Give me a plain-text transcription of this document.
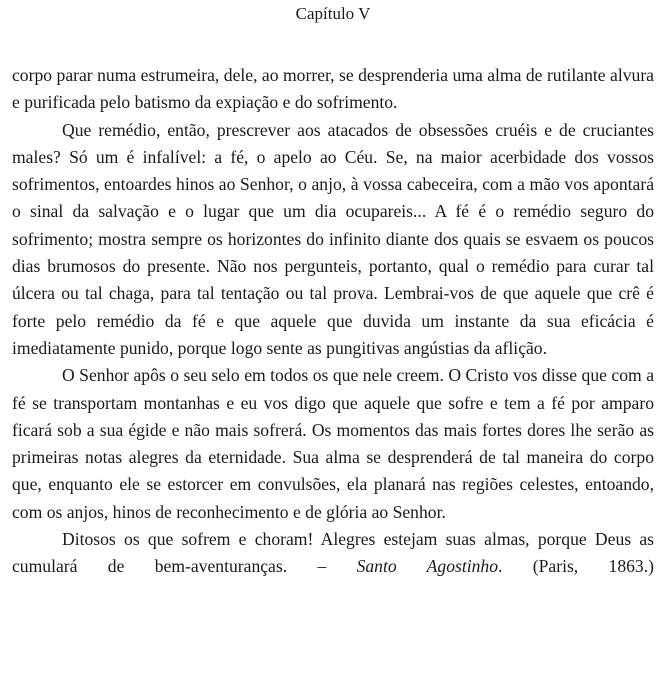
Capítulo V

corpo parar numa estrumeira, dele, ao morrer, se desprenderia uma alma de rutilante alvura e purificada pelo batismo da expiação e do sofrimento.

Que remédio, então, prescrever aos atacados de obsessões cruéis e de cruciantes males? Só um é infalível: a fé, o apelo ao Céu. Se, na maior acerbidade dos vossos sofrimentos, entoardes hinos ao Senhor, o anjo, à vossa cabeceira, com a mão vos apontará o sinal da salvação e o lugar que um dia ocupareis... A fé é o remédio seguro do sofrimento; mostra sempre os horizontes do infinito diante dos quais se esvaem os poucos dias brumosos do presente. Não nos pergunteis, portanto, qual o remédio para curar tal úlcera ou tal chaga, para tal tentação ou tal prova. Lembrai-vos de que aquele que crê é forte pelo remédio da fé e que aquele que duvida um instante da sua eficácia é imediatamente punido, porque logo sente as pungitivas angústias da aflição.

O Senhor apôs o seu selo em todos os que nele creem. O Cristo vos disse que com a fé se transportam montanhas e eu vos digo que aquele que sofre e tem a fé por amparo ficará sob a sua égide e não mais sofrerá. Os momentos das mais fortes dores lhe serão as primeiras notas alegres da eternidade. Sua alma se desprenderá de tal maneira do corpo que, enquanto ele se estorcer em convulsões, ela planará nas regiões celestes, entoando, com os anjos, hinos de reconhecimento e de glória ao Senhor.

Ditosos os que sofrem e choram! Alegres estejam suas almas, porque Deus as cumulará de bem-aventuranças. – Santo Agostinho. (Paris, 1863.)
